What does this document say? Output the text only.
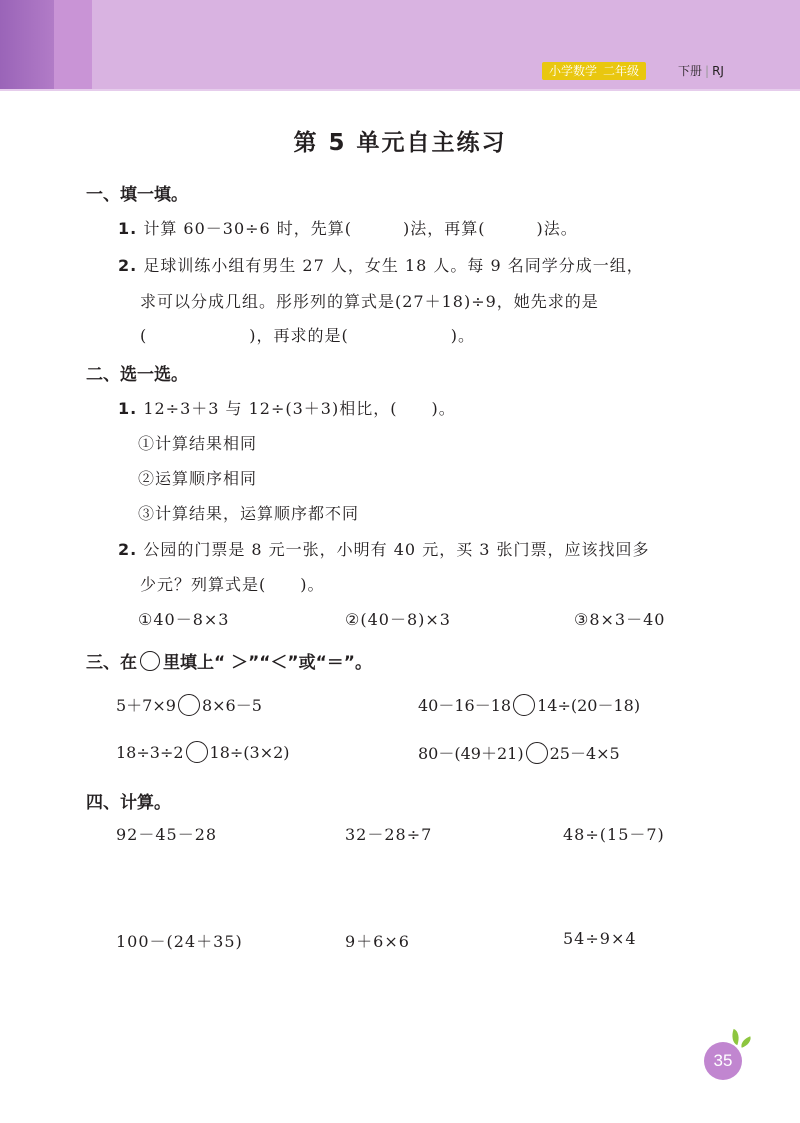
小学数学 二年级	下册 | RJ
第 5 单元自主练习
一、填一填。
1. 计算 60－30÷6 时，先算(　　　)法，再算(　　　)法。
2. 足球训练小组有男生 27 人，女生 18 人。每 9 名同学分成一组，
求可以分成几组。彤彤列的算式是(27＋18)÷9，她先求的是
(　　　　　　)，再求的是(　　　　　　)。
二、选一选。
1. 12÷3＋3 与 12÷(3＋3)相比，(　　)。
①计算结果相同
②运算顺序相同
③计算结果，运算顺序都不同
2. 公园的门票是 8 元一张，小明有 40 元，买 3 张门票，应该找回多
少元？列算式是(　　)。
①40－8×3	②(40－8)×3	③8×3－40
三、在 里填上“ ＞”“＜”或“＝”。
5＋7×9 8×6－5	40－16－18 14÷(20－18)
18÷3÷2 18÷(3×2)	80－(49＋21) 25－4×5
四、计算。
92－45－28	32－28÷7	48÷(15－7)
100－(24＋35)	9＋6×6	54÷9×4
35
